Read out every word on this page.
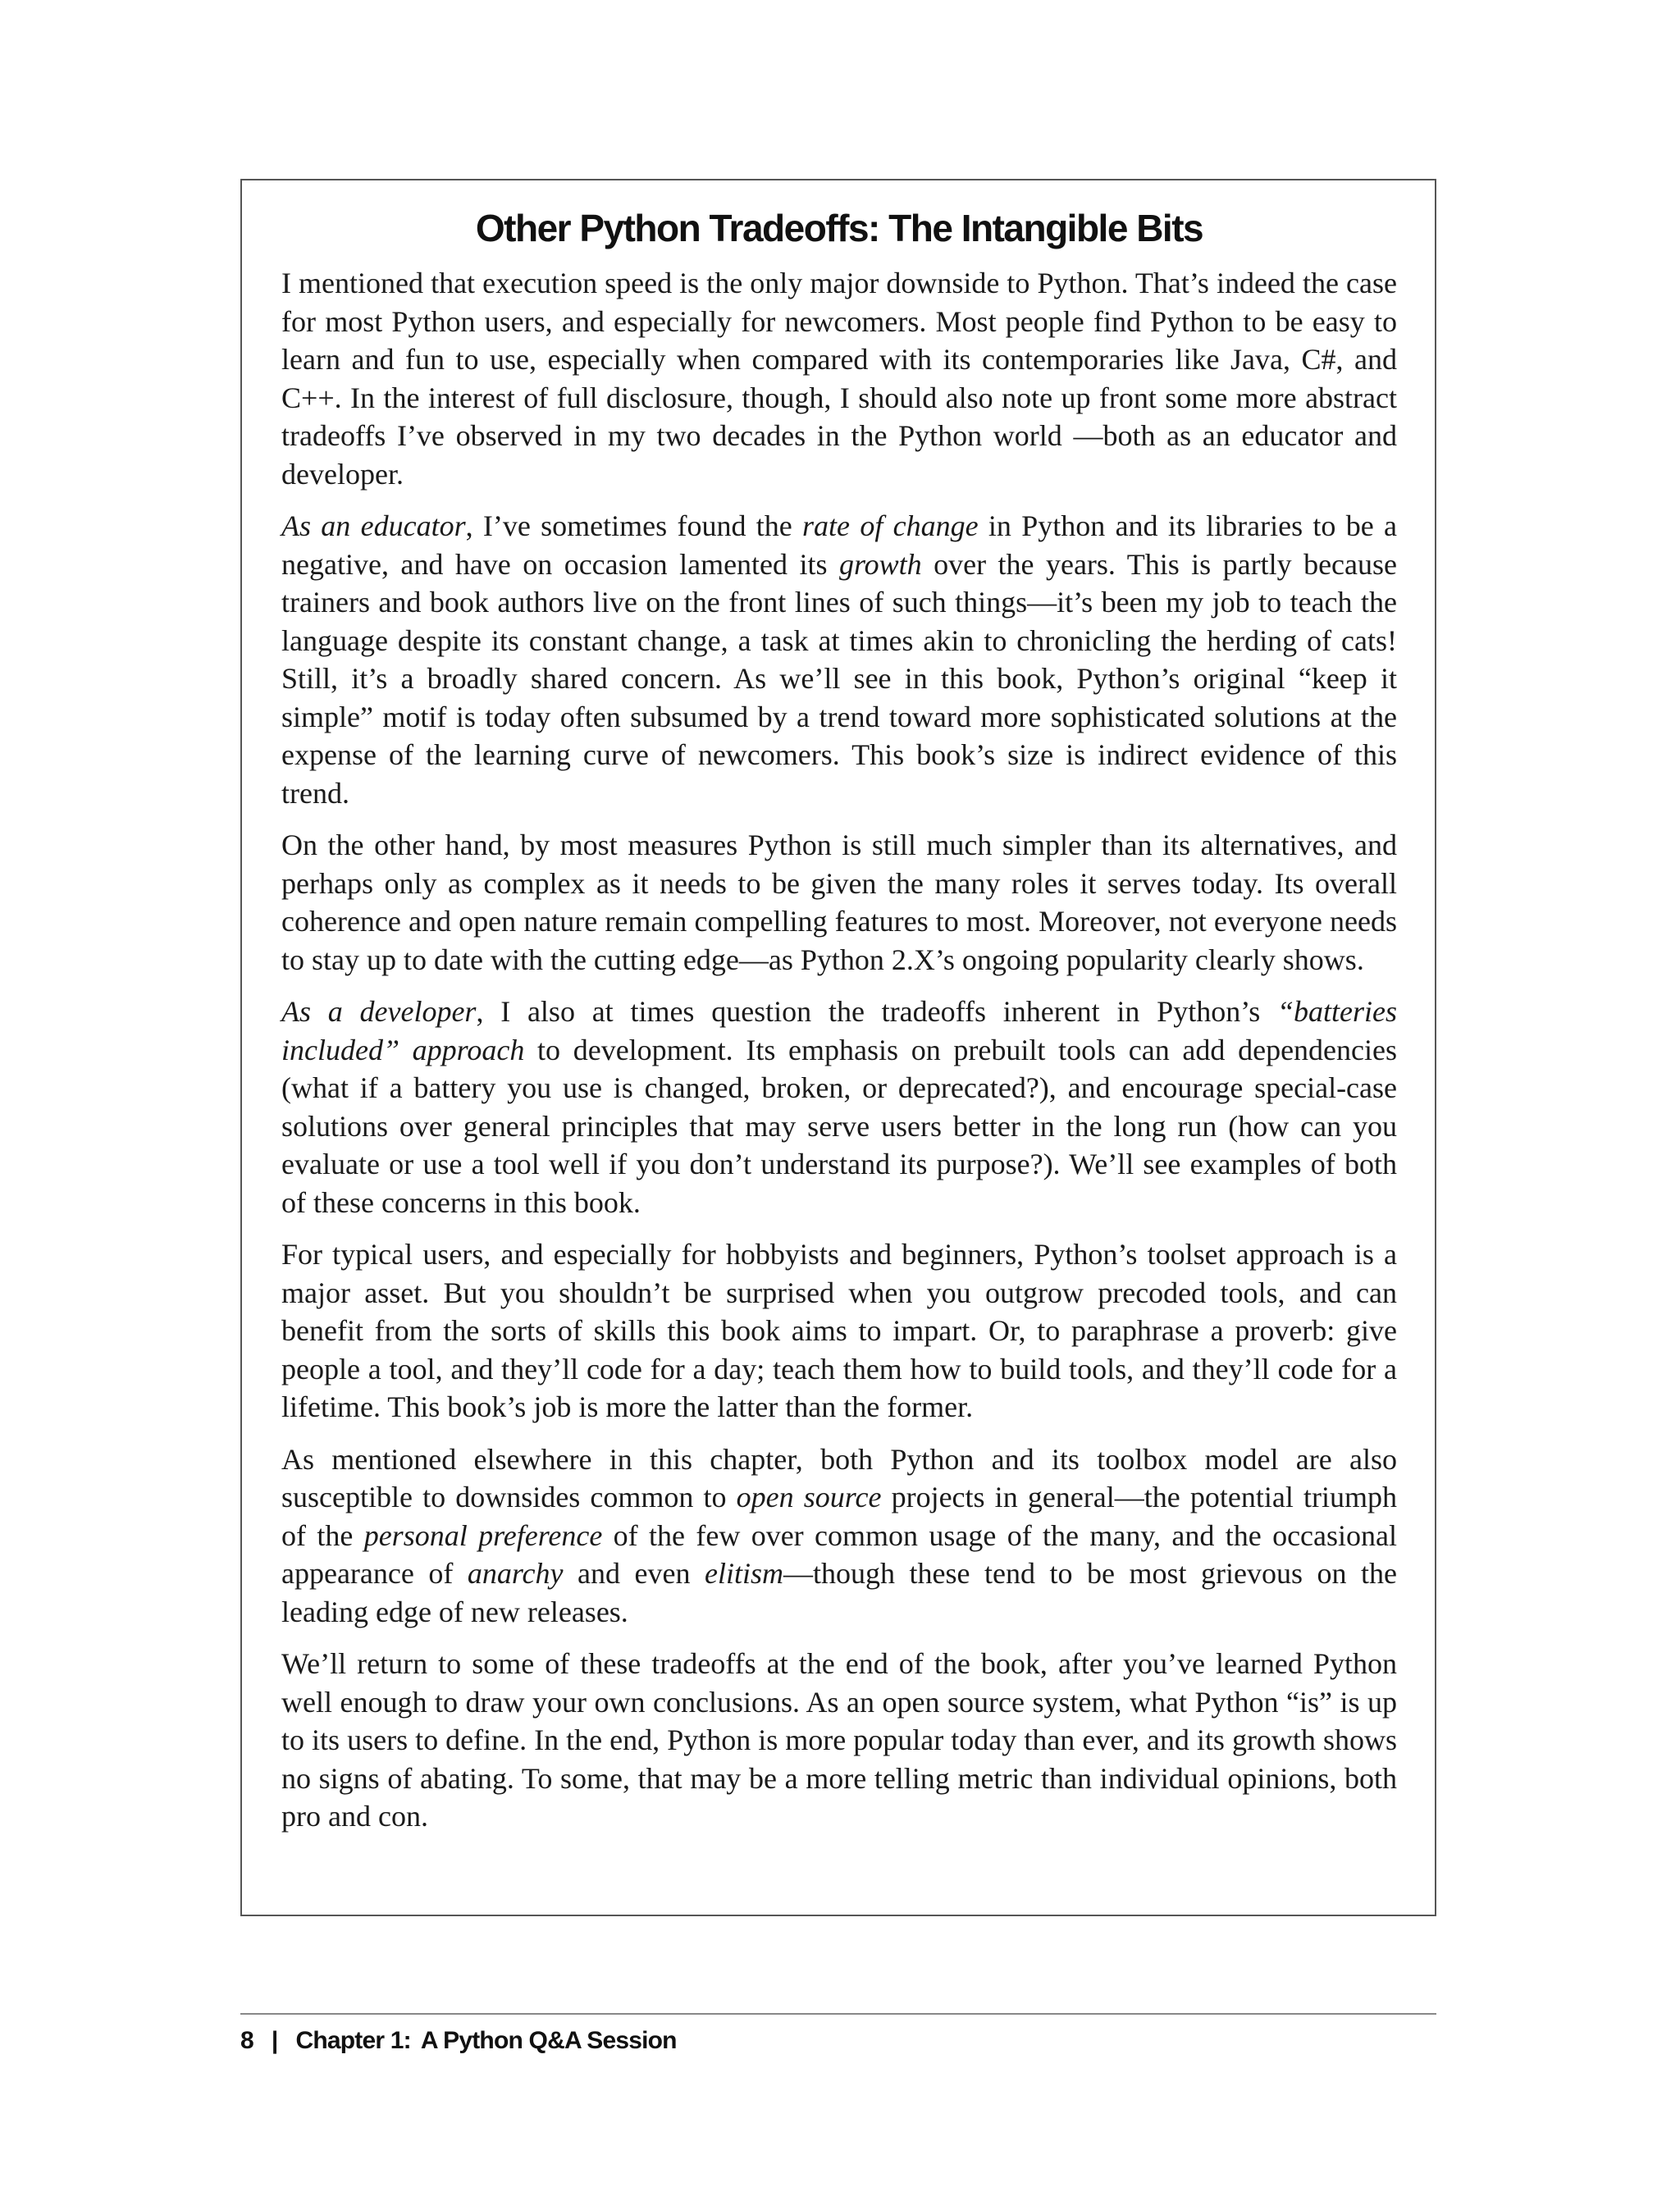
Other Python Tradeoffs: The Intangible Bits

I mentioned that execution speed is the only major downside to Python. That’s indeed the case for most Python users, and especially for newcomers. Most people find Python to be easy to learn and fun to use, especially when compared with its contemporaries like Java, C#, and C++. In the interest of full disclosure, though, I should also note up front some more abstract tradeoffs I’ve observed in my two decades in the Python world —both as an educator and developer.

As an educator, I’ve sometimes found the rate of change in Python and its libraries to be a negative, and have on occasion lamented its growth over the years. This is partly because trainers and book authors live on the front lines of such things—it’s been my job to teach the language despite its constant change, a task at times akin to chronicling the herding of cats! Still, it’s a broadly shared concern. As we’ll see in this book, Python’s original “keep it simple” motif is today often subsumed by a trend toward more sophisticated solutions at the expense of the learning curve of newcomers. This book’s size is indirect evidence of this trend.

On the other hand, by most measures Python is still much simpler than its alternatives, and perhaps only as complex as it needs to be given the many roles it serves today. Its overall coherence and open nature remain compelling features to most. Moreover, not everyone needs to stay up to date with the cutting edge—as Python 2.X’s ongoing popularity clearly shows.

As a developer, I also at times question the tradeoffs inherent in Python’s “batteries included” approach to development. Its emphasis on prebuilt tools can add dependencies (what if a battery you use is changed, broken, or deprecated?), and encourage special-case solutions over general principles that may serve users better in the long run (how can you evaluate or use a tool well if you don’t understand its purpose?). We’ll see examples of both of these concerns in this book.

For typical users, and especially for hobbyists and beginners, Python’s toolset approach is a major asset. But you shouldn’t be surprised when you outgrow precoded tools, and can benefit from the sorts of skills this book aims to impart. Or, to paraphrase a proverb: give people a tool, and they’ll code for a day; teach them how to build tools, and they’ll code for a lifetime. This book’s job is more the latter than the former.

As mentioned elsewhere in this chapter, both Python and its toolbox model are also susceptible to downsides common to open source projects in general—the potential triumph of the personal preference of the few over common usage of the many, and the occasional appearance of anarchy and even elitism—though these tend to be most grievous on the leading edge of new releases.

We’ll return to some of these tradeoffs at the end of the book, after you’ve learned Python well enough to draw your own conclusions. As an open source system, what Python “is” is up to its users to define. In the end, Python is more popular today than ever, and its growth shows no signs of abating. To some, that may be a more telling metric than individual opinions, both pro and con.

8 | Chapter 1: A Python Q&A Session
